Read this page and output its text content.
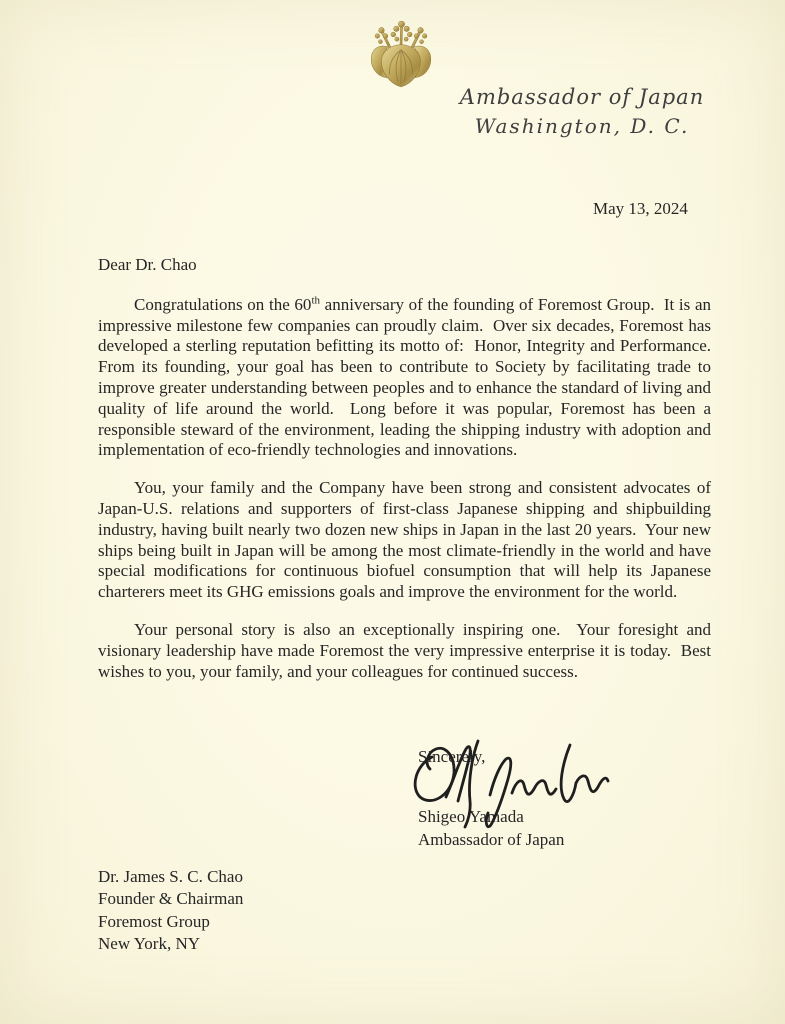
Ambassador of Japan
Washington, D. C.
May 13, 2024

Dear Dr. Chao

Congratulations on the 60th anniversary of the founding of Foremost Group.  It is an impressive milestone few companies can proudly claim.  Over six decades, Foremost has developed a sterling reputation befitting its motto of:  Honor, Integrity and Performance.  From its founding, your goal has been to contribute to Society by facilitating trade to improve greater understanding between peoples and to enhance the standard of living and quality of life around the world.  Long before it was popular, Foremost has been a responsible steward of the environment, leading the shipping industry with adoption and implementation of eco-friendly technologies and innovations.

You, your family and the Company have been strong and consistent advocates of Japan-U.S. relations and supporters of first-class Japanese shipping and shipbuilding industry, having built nearly two dozen new ships in Japan in the last 20 years.  Your new ships being built in Japan will be among the most climate-friendly in the world and have special modifications for continuous biofuel consumption that will help its Japanese charterers meet its GHG emissions goals and improve the environment for the world.

Your personal story is also an exceptionally inspiring one.  Your foresight and visionary leadership have made Foremost the very impressive enterprise it is today.  Best wishes to you, your family, and your colleagues for continued success.

Sincerely,
Shigeo Yamada
Ambassador of Japan
Dr. James S. C. Chao
Founder & Chairman
Foremost Group
New York, NY
